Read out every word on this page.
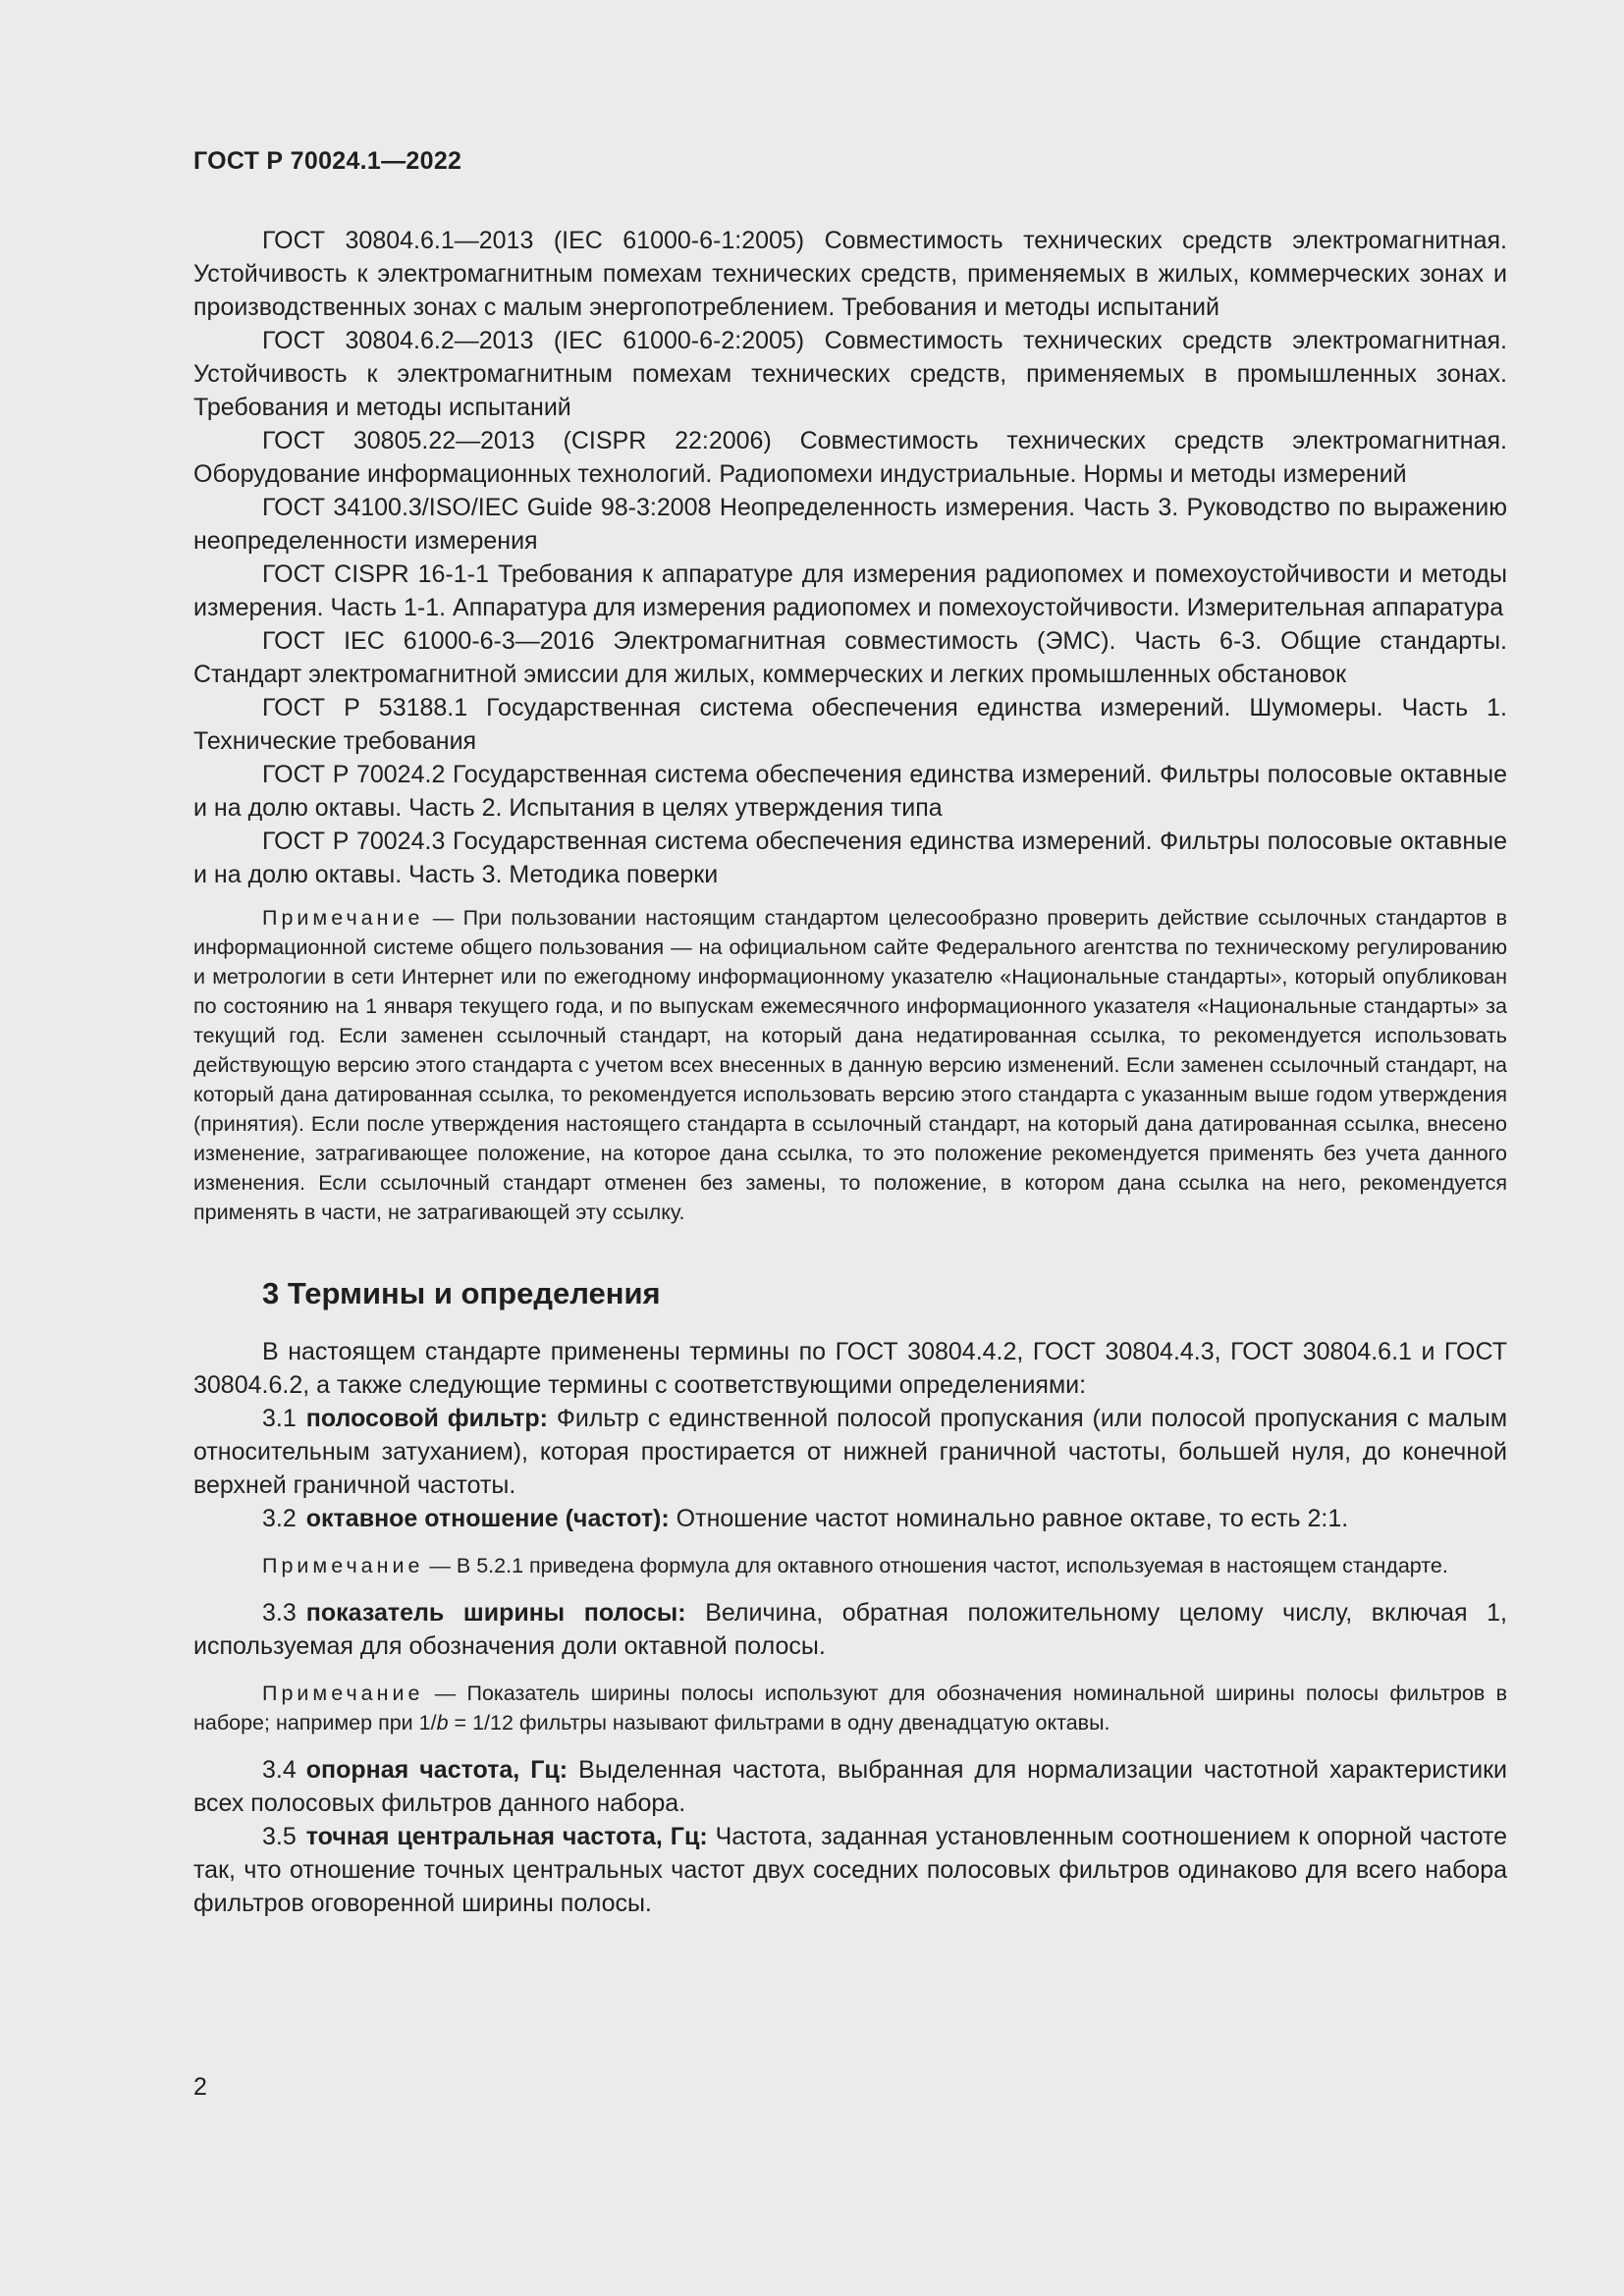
ГОСТ Р 70024.1—2022

ГОСТ 30804.6.1—2013 (IEC 61000-6-1:2005) Совместимость технических средств электромагнитная. Устойчивость к электромагнитным помехам технических средств, применяемых в жилых, коммерческих зонах и производственных зонах с малым энергопотреблением. Требования и методы испытаний

ГОСТ 30804.6.2—2013 (IEC 61000-6-2:2005) Совместимость технических средств электромагнитная. Устойчивость к электромагнитным помехам технических средств, применяемых в промышленных зонах. Требования и методы испытаний

ГОСТ 30805.22—2013 (CISPR 22:2006) Совместимость технических средств электромагнитная. Оборудование информационных технологий. Радиопомехи индустриальные. Нормы и методы измерений

ГОСТ 34100.3/ISO/IEC Guide 98-3:2008 Неопределенность измерения. Часть 3. Руководство по выражению неопределенности измерения

ГОСТ CISPR 16-1-1 Требования к аппаратуре для измерения радиопомех и помехоустойчивости и методы измерения. Часть 1-1. Аппаратура для измерения радиопомех и помехоустойчивости. Измерительная аппаратура

ГОСТ IEC 61000-6-3—2016 Электромагнитная совместимость (ЭМС). Часть 6-3. Общие стандарты. Стандарт электромагнитной эмиссии для жилых, коммерческих и легких промышленных обстановок

ГОСТ Р 53188.1 Государственная система обеспечения единства измерений. Шумомеры. Часть 1. Технические требования

ГОСТ Р 70024.2 Государственная система обеспечения единства измерений. Фильтры полосовые октавные и на долю октавы. Часть 2. Испытания в целях утверждения типа

ГОСТ Р 70024.3 Государственная система обеспечения единства измерений. Фильтры полосовые октавные и на долю октавы. Часть 3. Методика поверки

Примечание — При пользовании настоящим стандартом целесообразно проверить действие ссылочных стандартов в информационной системе общего пользования — на официальном сайте Федерального агентства по техническому регулированию и метрологии в сети Интернет или по ежегодному информационному указателю «Национальные стандарты», который опубликован по состоянию на 1 января текущего года, и по выпускам ежемесячного информационного указателя «Национальные стандарты» за текущий год. Если заменен ссылочный стандарт, на который дана недатированная ссылка, то рекомендуется использовать действующую версию этого стандарта с учетом всех внесенных в данную версию изменений. Если заменен ссылочный стандарт, на который дана датированная ссылка, то рекомендуется использовать версию этого стандарта с указанным выше годом утверждения (принятия). Если после утверждения настоящего стандарта в ссылочный стандарт, на который дана датированная ссылка, внесено изменение, затрагивающее положение, на которое дана ссылка, то это положение рекомендуется применять без учета данного изменения. Если ссылочный стандарт отменен без замены, то положение, в котором дана ссылка на него, рекомендуется применять в части, не затрагивающей эту ссылку.

3 Термины и определения

В настоящем стандарте применены термины по ГОСТ 30804.4.2, ГОСТ 30804.4.3, ГОСТ 30804.6.1 и ГОСТ 30804.6.2, а также следующие термины с соответствующими определениями:

3.1 полосовой фильтр: Фильтр с единственной полосой пропускания (или полосой пропускания с малым относительным затуханием), которая простирается от нижней граничной частоты, большей нуля, до конечной верхней граничной частоты.

3.2 октавное отношение (частот): Отношение частот номинально равное октаве, то есть 2:1.

Примечание — В 5.2.1 приведена формула для октавного отношения частот, используемая в настоящем стандарте.

3.3 показатель ширины полосы: Величина, обратная положительному целому числу, включая 1, используемая для обозначения доли октавной полосы.

Примечание — Показатель ширины полосы используют для обозначения номинальной ширины полосы фильтров в наборе; например при 1/b = 1/12 фильтры называют фильтрами в одну двенадцатую октавы.

3.4 опорная частота, Гц: Выделенная частота, выбранная для нормализации частотной характеристики всех полосовых фильтров данного набора.

3.5 точная центральная частота, Гц: Частота, заданная установленным соотношением к опорной частоте так, что отношение точных центральных частот двух соседних полосовых фильтров одинаково для всего набора фильтров оговоренной ширины полосы.

2
